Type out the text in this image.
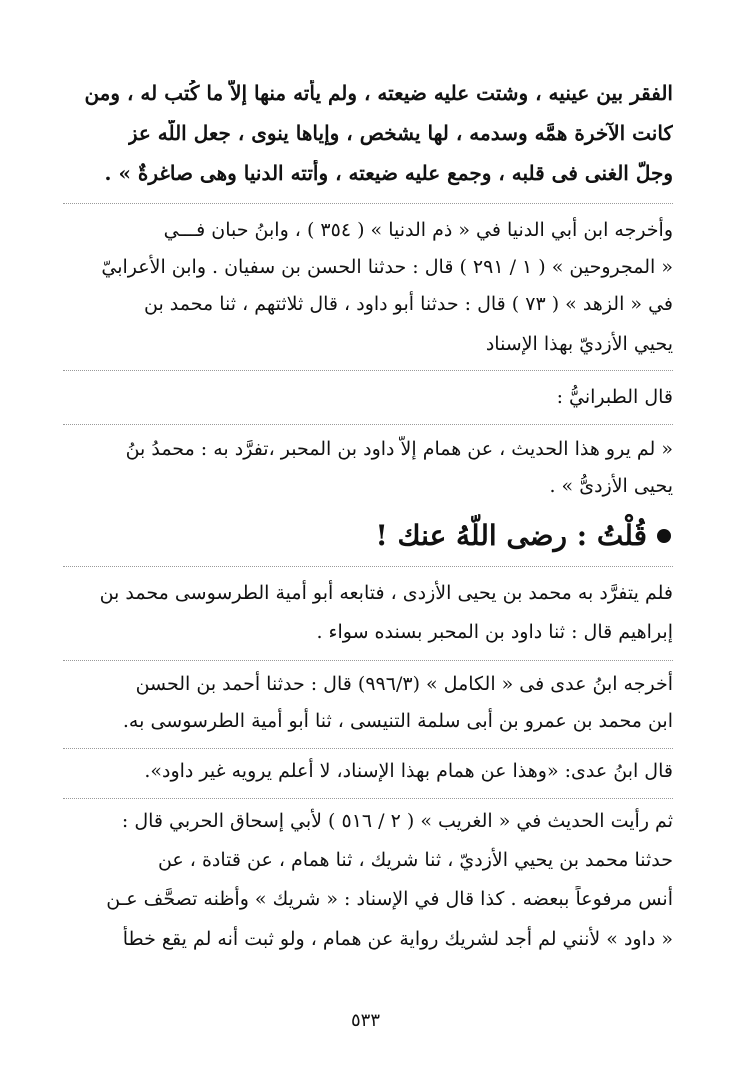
الفقر بين عينيه ، وشتت عليه ضيعته ، ولم يأته منها إلاّ ما كُتب له ، ومن
كانت الآخرة همَّه وسدمه ، لها يشخص ، وإياها ينوى ، جعل اللّه عز
وجلّ الغنى فى قلبه ، وجمع عليه ضيعته ، وأتته الدنيا وهى صاغرةٌ » .
وأخرجه ابن أبي الدنيا في « ذم الدنيا » ( ٣٥٤ ) ، وابنُ حبان فـــي
« المجروحين » ( ١ / ٢٩١ ) قال : حدثنا الحسن بن سفيان . وابن الأعرابيّ
في « الزهد » ( ٧٣ ) قال : حدثنا أبو داود ، قال ثلاثتهم ، ثنا محمد بن
يحيي الأزديّ بهذا الإسناد
قال الطبرانيُّ :
« لم يرو هذا الحديث ، عن همام إلاّ داود بن المحبر ،تفرَّد به : محمدُ بنُ
يحيى الأزدىُّ » .
قُلْتُ : رضى اللّهُ عنك !
فلم يتفرَّد به محمد بن يحيى الأزدى ، فتابعه أبو أمية الطرسوسى محمد بن
إبراهيم قال : ثنا داود بن المحبر بسنده سواء .
أخرجه ابنُ عدى فى « الكامل » (٩٩٦/٣) قال : حدثنا أحمد بن الحسن
ابن محمد بن عمرو بن أبى سلمة التنيسى ، ثنا أبو أمية الطرسوسى به.
قال ابنُ عدى: «وهذا عن همام بهذا الإسناد، لا أعلم يرويه غير داود».
ثم رأيت الحديث في « الغريب » ( ٢ / ٥١٦ ) لأبي إسحاق الحربي قال :
حدثنا محمد بن يحيي الأزديّ ، ثنا شريك ، ثنا همام ، عن قتادة ، عن
أنس مرفوعاً ببعضه . كذا قال في الإسناد : « شريك » وأظنه تصحَّف عـن
« داود » لأنني لم أجد لشريك رواية عن همام ، ولو ثبت أنه لم يقع خطأ
٥٣٣
